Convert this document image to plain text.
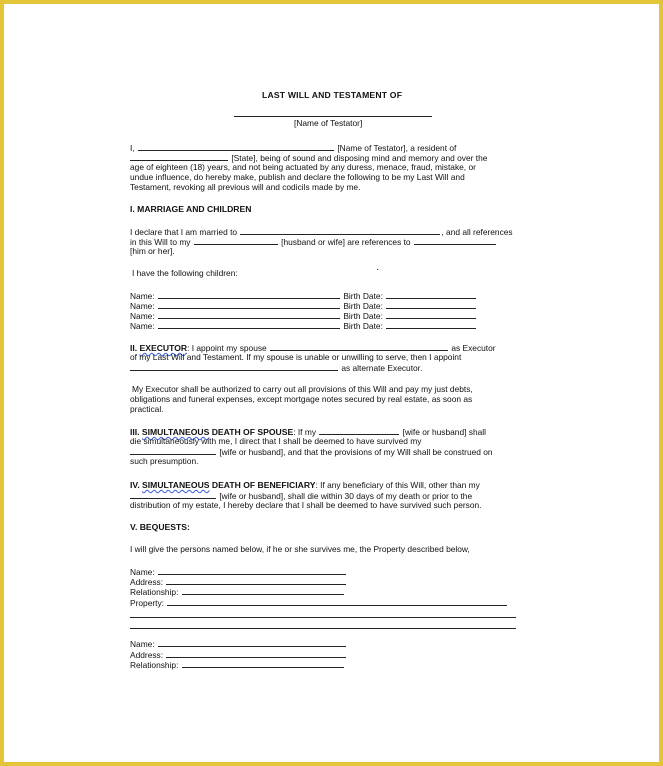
LAST WILL AND TESTAMENT OF
[Name of Testator]
I,	[Name of Testator], a resident of
[State], being of sound and disposing mind and memory and over the
age of eighteen (18) years, and not being actuated by any duress, menace, fraud, mistake, or
undue influence, do hereby make, publish and declare the following to be my Last Will and
Testament, revoking all previous will and codicils made by me.
I. MARRIAGE AND CHILDREN
I declare that I am married to	, and all references
in this Will to my	[husband or wife] are references to
[him or her].
I have the following children:	·
Name:	Birth Date:
Name:	Birth Date:
Name:	Birth Date:
Name:	Birth Date:
II. EXECUTOR: I appoint my spouse	as Executor
of my Last Will and Testament. If my spouse is unable or unwilling to serve, then I appoint
as alternate Executor.
My Executor shall be authorized to carry out all provisions of this Will and pay my just debts,
obligations and funeral expenses, except mortgage notes secured by real estate, as soon as
practical.
III. SIMULTANEOUS DEATH OF SPOUSE: If my	[wife or husband] shall
die simultaneously with me, I direct that I shall be deemed to have survived my
[wife or husband], and that the provisions of my Will shall be construed on
such presumption.
IV. SIMULTANEOUS DEATH OF BENEFICIARY: If any beneficiary of this Will, other than my
[wife or husband], shall die within 30 days of my death or prior to the
distribution of my estate, I hereby declare that I shall be deemed to have survived such person.
V. BEQUESTS:
I will give the persons named below, if he or she survives me, the Property described below,
Name:
Address:
Relationship:
Property:
Name:
Address:
Relationship:
